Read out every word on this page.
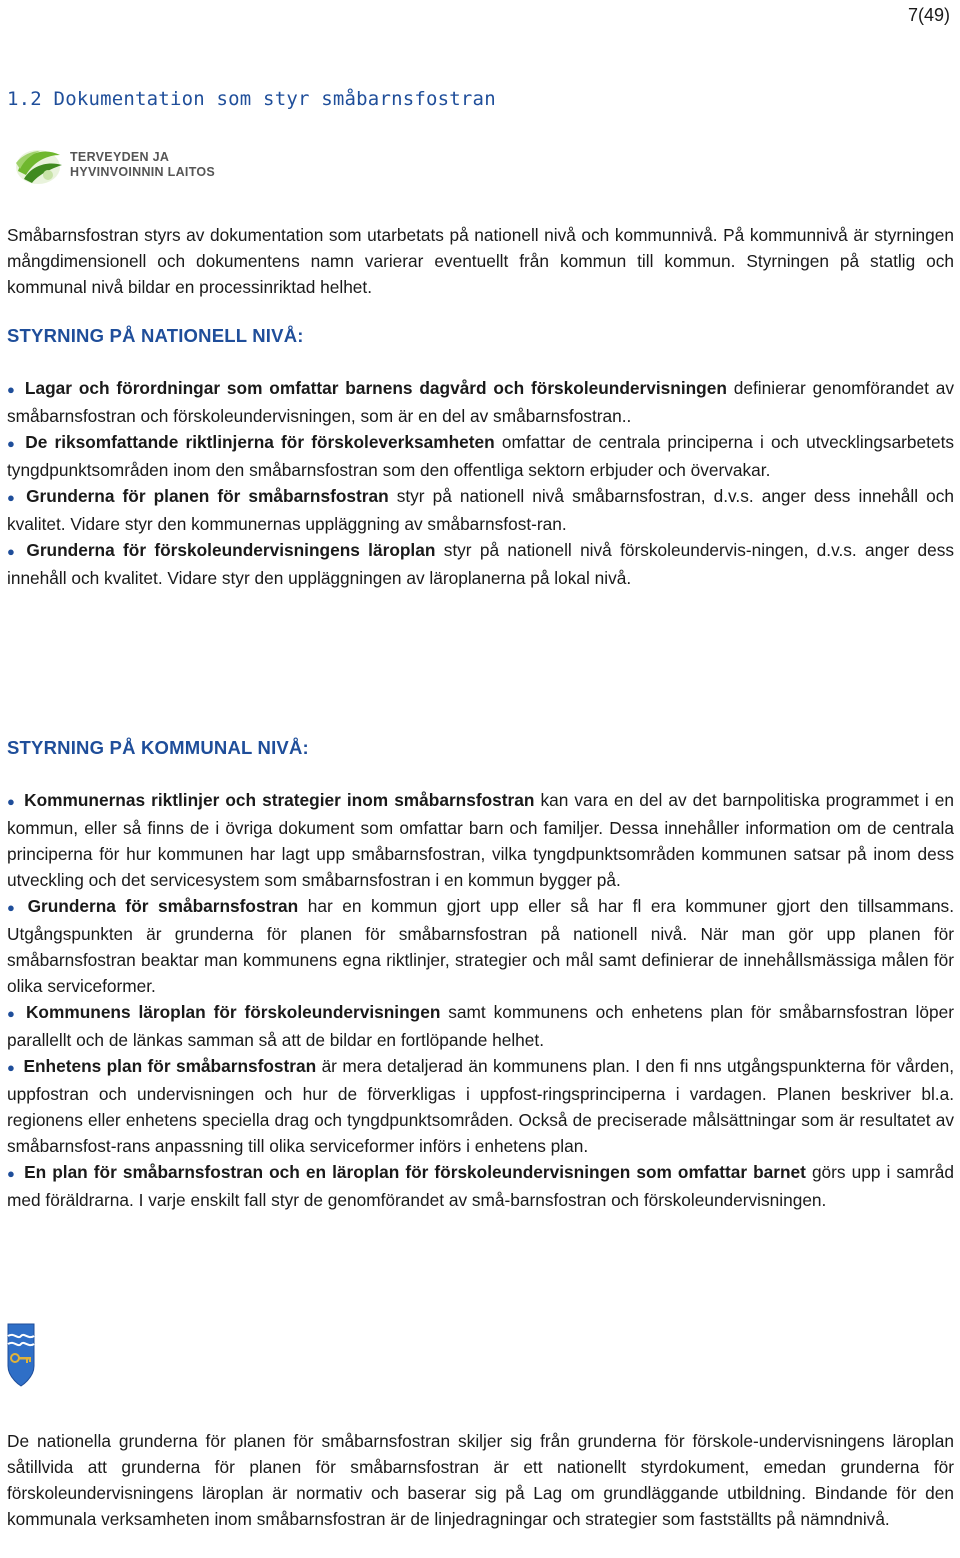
7(49)
1.2 Dokumentation som styr småbarnsfostran
TERVEYDEN JA
HYVINVOINNIN LAITOS

Småbarnsfostran styrs av dokumentation som utarbetats på nationell nivå och kommunnivå. På kommunnivå är styrningen mångdimensionell och dokumentens namn varierar eventuellt från kommun till kommun. Styrningen på statlig och kommunal nivå bildar en processinriktad helhet.

STYRNING PÅ NATIONELL NIVÅ:

● Lagar och förordningar som omfattar barnens dagvård och förskoleundervisningen definierar genomförandet av småbarnsfostran och förskoleundervisningen, som är en del av småbarnsfostran..

● De riksomfattande riktlinjerna för förskoleverksamheten omfattar de centrala principerna i och utvecklingsarbetets tyngdpunktsområden inom den småbarnsfostran som den offentliga sektorn erbjuder och övervakar.

● Grunderna för planen för småbarnsfostran styr på nationell nivå småbarnsfostran, d.v.s. anger dess innehåll och kvalitet. Vidare styr den kommunernas uppläggning av småbarnsfost-ran.

● Grunderna för förskoleundervisningens läroplan styr på nationell nivå förskoleundervis-ningen, d.v.s. anger dess innehåll och kvalitet. Vidare styr den uppläggningen av läroplanerna på lokal nivå.

STYRNING PÅ KOMMUNAL NIVÅ:

● Kommunernas riktlinjer och strategier inom småbarnsfostran kan vara en del av det barnpolitiska programmet i en kommun, eller så finns de i övriga dokument som omfattar barn och familjer. Dessa innehåller information om de centrala principerna för hur kommunen har lagt upp småbarnsfostran, vilka tyngdpunktsområden kommunen satsar på inom dess utveckling och det servicesystem som småbarnsfostran i en kommun bygger på.

● Grunderna för småbarnsfostran har en kommun gjort upp eller så har fl era kommuner gjort den tillsammans. Utgångspunkten är grunderna för planen för småbarnsfostran på nationell nivå. När man gör upp planen för småbarnsfostran beaktar man kommunens egna riktlinjer, strategier och mål samt definierar de innehållsmässiga målen för olika serviceformer.

● Kommunens läroplan för förskoleundervisningen samt kommunens och enhetens plan för småbarnsfostran löper parallellt och de länkas samman så att de bildar en fortlöpande helhet.

● Enhetens plan för småbarnsfostran är mera detaljerad än kommunens plan. I den fi nns utgångspunkterna för vården, uppfostran och undervisningen och hur de förverkligas i uppfost-ringsprinciperna i vardagen. Planen beskriver bl.a. regionens eller enhetens speciella drag och tyngdpunktsområden. Också de preciserade målsättningar som är resultatet av småbarnsfost-rans anpassning till olika serviceformer införs i enhetens plan.

● En plan för småbarnsfostran och en läroplan för förskoleundervisningen som omfattar barnet görs upp i samråd med föräldrarna. I varje enskilt fall styr de genomförandet av små-barnsfostran och förskoleundervisningen.

De nationella grunderna för planen för småbarnsfostran skiljer sig från grunderna för förskole-undervisningens läroplan såtillvida att grunderna för planen för småbarnsfostran är ett nationellt styrdokument, emedan grunderna för förskoleundervisningens läroplan är normativ och baserar sig på Lag om grundläggande utbildning. Bindande för den kommunala verksamheten inom småbarnsfostran är de linjedragningar och strategier som fastställts på nämndnivå.
